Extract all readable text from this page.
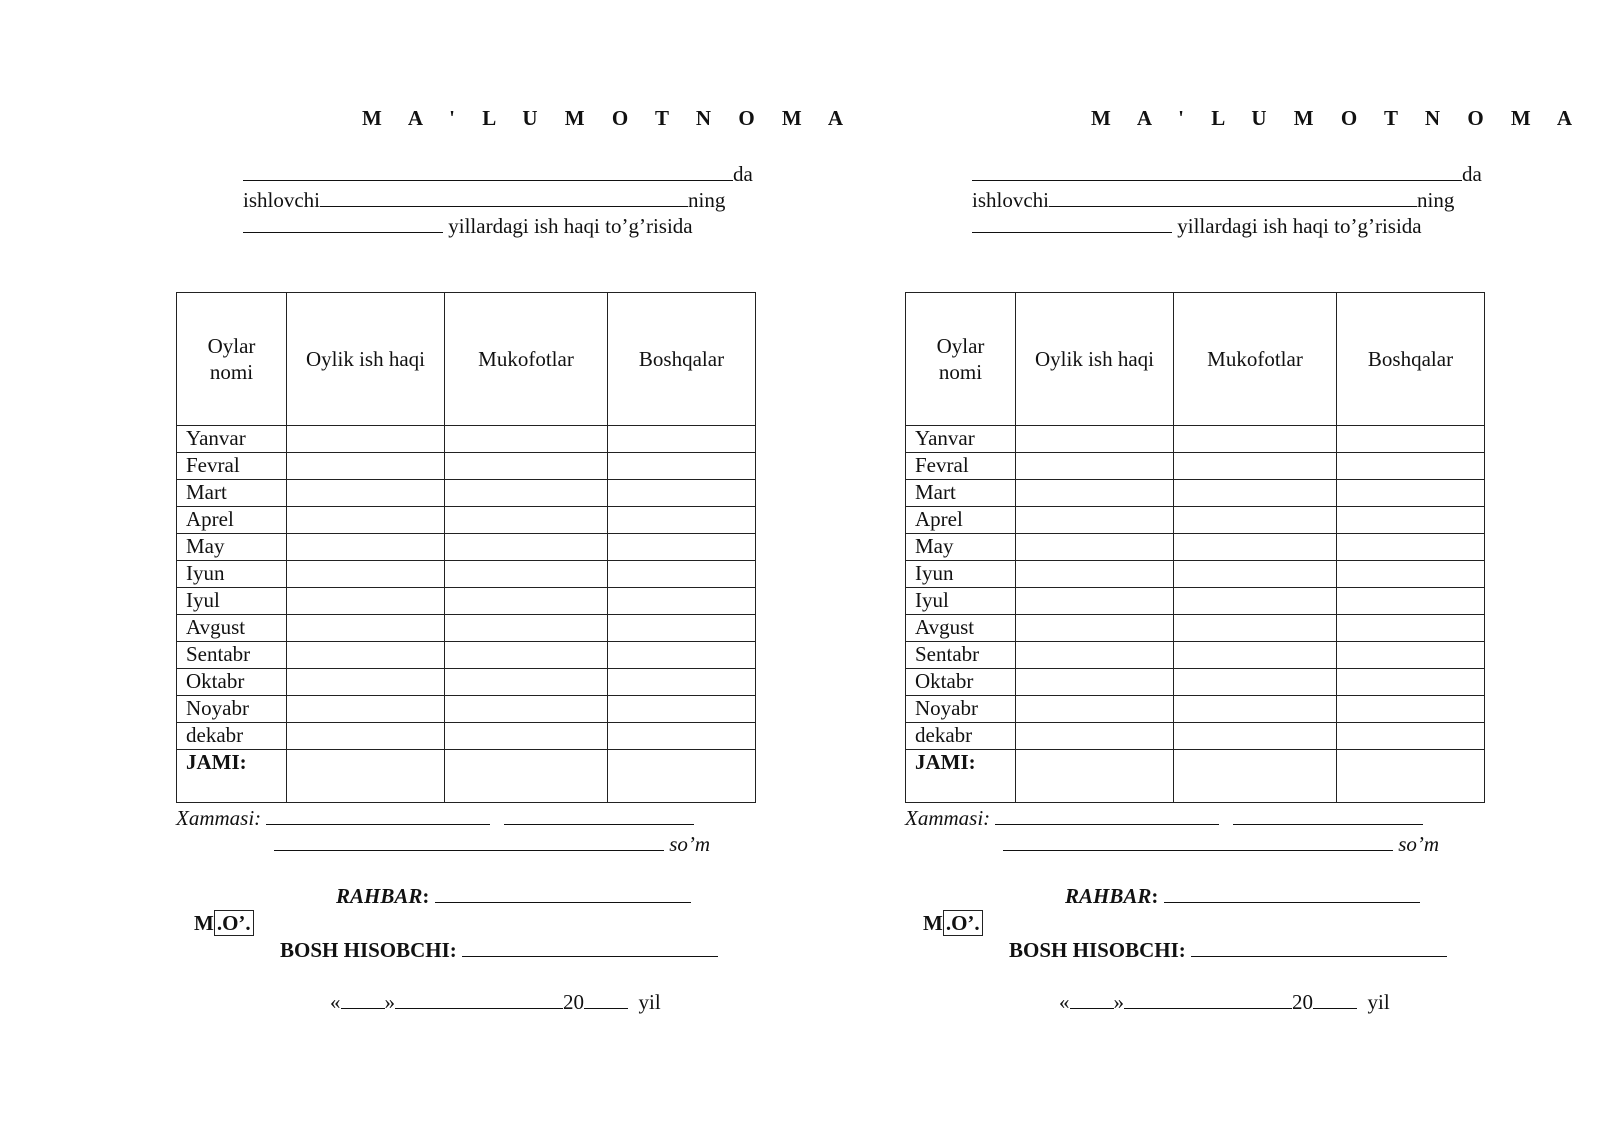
M A ' L U M O T N O M A
da
ishlovchi	ning
yillardagi ish haqi to’g’risida
Oylar nomi	Oylik ish haqi	Mukofotlar	Boshqalar
Yanvar			
Fevral			
Mart			
Aprel			
May			
Iyun			
Iyul			
Avgust			
Sentabr			
Oktabr			
Noyabr			
dekabr			
JAMI:			
Xammasi:
so’m
RAHBAR:
M .O’.
BOSH HISOBCHI:
« »	20	yil
M A ' L U M O T N O M A
da
ishlovchi	ning
yillardagi ish haqi to’g’risida
Oylar nomi	Oylik ish haqi	Mukofotlar	Boshqalar
Yanvar			
Fevral			
Mart			
Aprel			
May			
Iyun			
Iyul			
Avgust			
Sentabr			
Oktabr			
Noyabr			
dekabr			
JAMI:			
Xammasi:
so’m
RAHBAR:
M .O’.
BOSH HISOBCHI:
« »	20	yil
